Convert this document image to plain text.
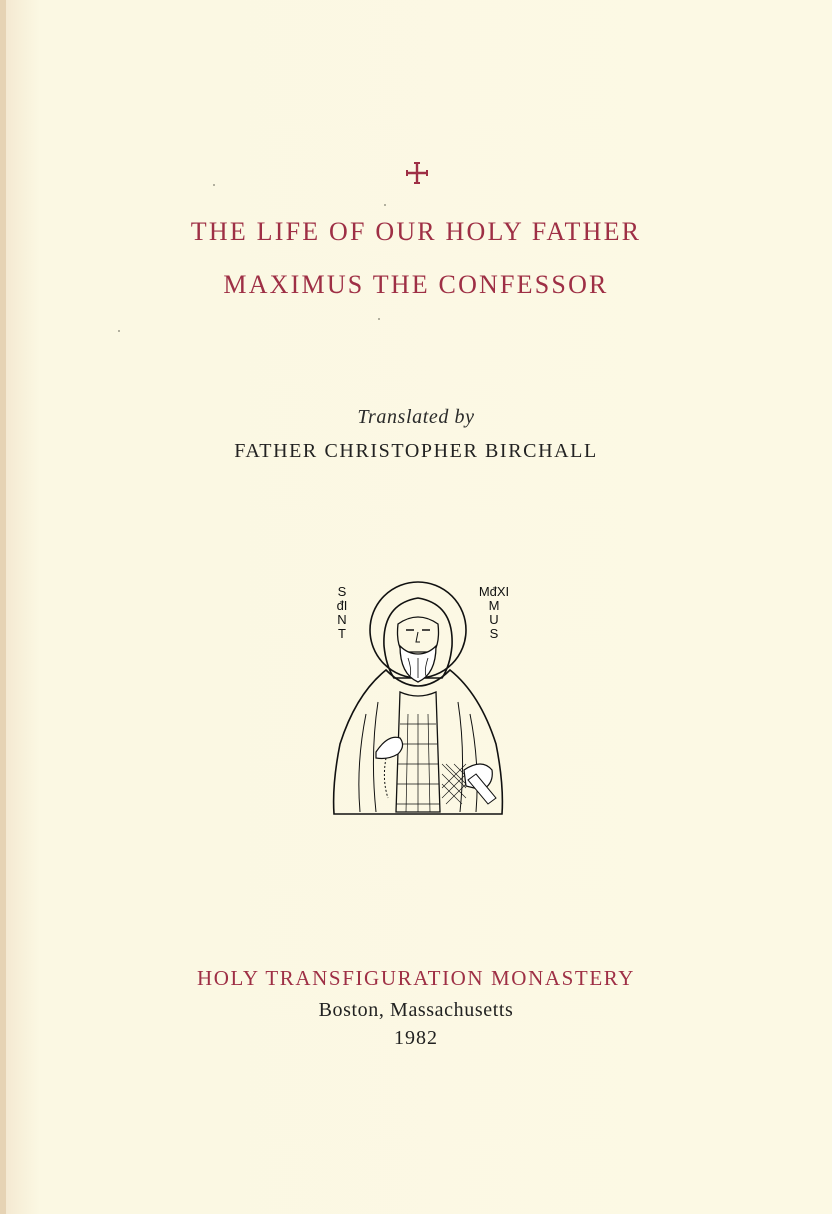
THE LIFE OF OUR HOLY FATHER
MAXIMUS THE CONFESSOR
Translated by
FATHER CHRISTOPHER BIRCHALL
S
đI
N
T
MđXI
M
U
S
HOLY TRANSFIGURATION MONASTERY
Boston, Massachusetts
1982
